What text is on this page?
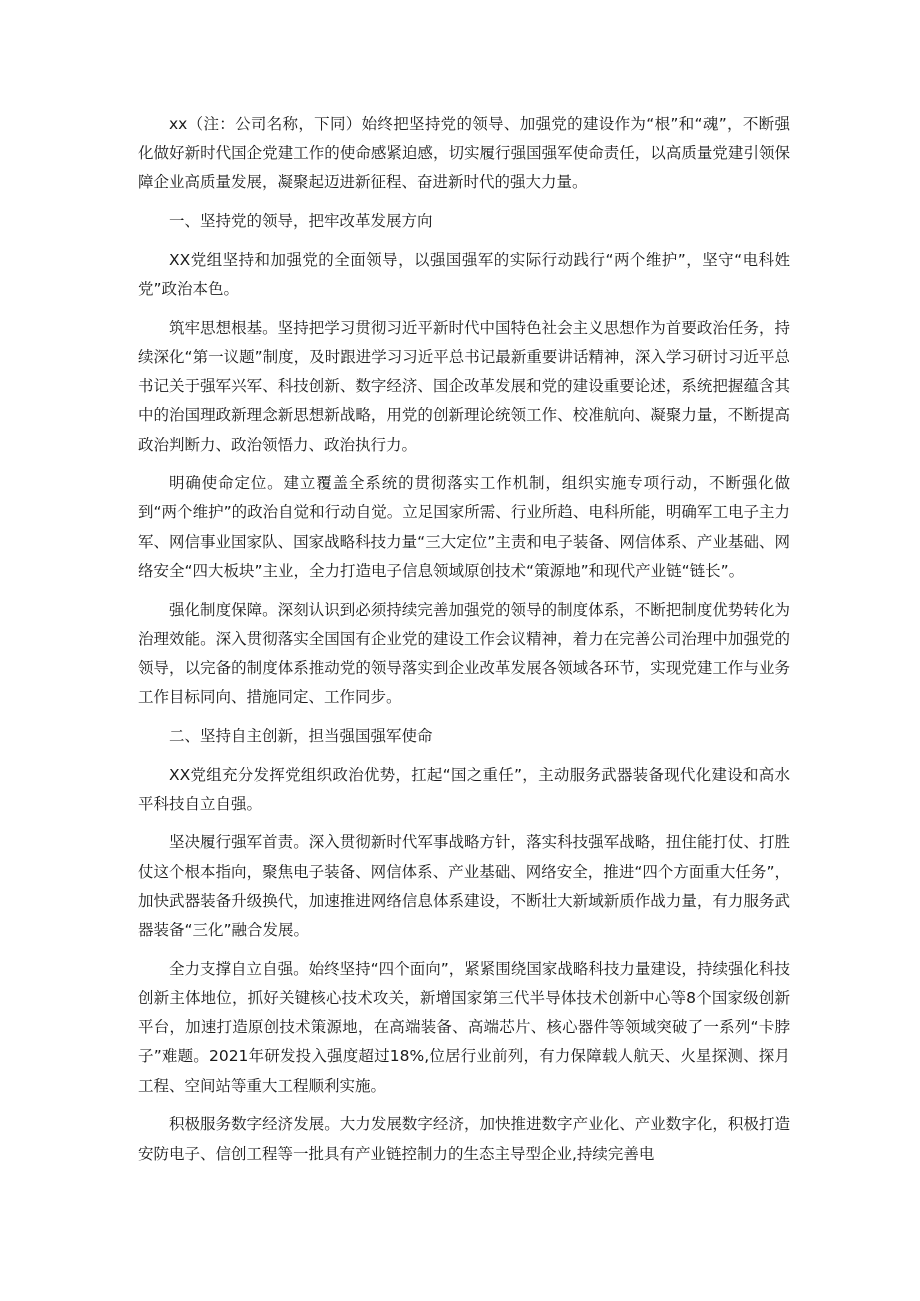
xx（注：公司名称，下同）始终把坚持党的领导、加强党的建设作为“根”和“魂”，不断强化做好新时代国企党建工作的使命感紧迫感，切实履行强国强军使命责任，以高质量党建引领保障企业高质量发展，凝聚起迈进新征程、奋进新时代的强大力量。

一、坚持党的领导，把牢改革发展方向

XX党组坚持和加强党的全面领导，以强国强军的实际行动践行“两个维护”，坚守“电科姓党”政治本色。

筑牢思想根基。坚持把学习贯彻习近平新时代中国特色社会主义思想作为首要政治任务，持续深化“第一议题”制度，及时跟进学习习近平总书记最新重要讲话精神，深入学习研讨习近平总书记关于强军兴军、科技创新、数字经济、国企改革发展和党的建设重要论述，系统把握蕴含其中的治国理政新理念新思想新战略，用党的创新理论统领工作、校准航向、凝聚力量，不断提高政治判断力、政治领悟力、政治执行力。

明确使命定位。建立覆盖全系统的贯彻落实工作机制，组织实施专项行动，不断强化做到“两个维护”的政治自觉和行动自觉。立足国家所需、行业所趋、电科所能，明确军工电子主力军、网信事业国家队、国家战略科技力量“三大定位”主责和电子装备、网信体系、产业基础、网络安全“四大板块”主业，全力打造电子信息领域原创技术“策源地”和现代产业链“链长”。

强化制度保障。深刻认识到必须持续完善加强党的领导的制度体系，不断把制度优势转化为治理效能。深入贯彻落实全国国有企业党的建设工作会议精神，着力在完善公司治理中加强党的领导，以完备的制度体系推动党的领导落实到企业改革发展各领域各环节，实现党建工作与业务工作目标同向、措施同定、工作同步。

二、坚持自主创新，担当强国强军使命

XX党组充分发挥党组织政治优势，扛起“国之重任”，主动服务武器装备现代化建设和高水平科技自立自强。

坚决履行强军首责。深入贯彻新时代军事战略方针，落实科技强军战略，扭住能打仗、打胜仗这个根本指向，聚焦电子装备、网信体系、产业基础、网络安全，推进“四个方面重大任务”，加快武器装备升级换代，加速推进网络信息体系建设，不断壮大新域新质作战力量，有力服务武器装备“三化”融合发展。

全力支撑自立自强。始终坚持“四个面向”，紧紧围绕国家战略科技力量建设，持续强化科技创新主体地位，抓好关键核心技术攻关，新增国家第三代半导体技术创新中心等8个国家级创新平台，加速打造原创技术策源地，在高端装备、高端芯片、核心器件等领域突破了一系列“卡脖子”难题。2021年研发投入强度超过18%,位居行业前列，有力保障载人航天、火星探测、探月工程、空间站等重大工程顺利实施。

积极服务数字经济发展。大力发展数字经济，加快推进数字产业化、产业数字化，积极打造安防电子、信创工程等一批具有产业链控制力的生态主导型企业,持续完善电
